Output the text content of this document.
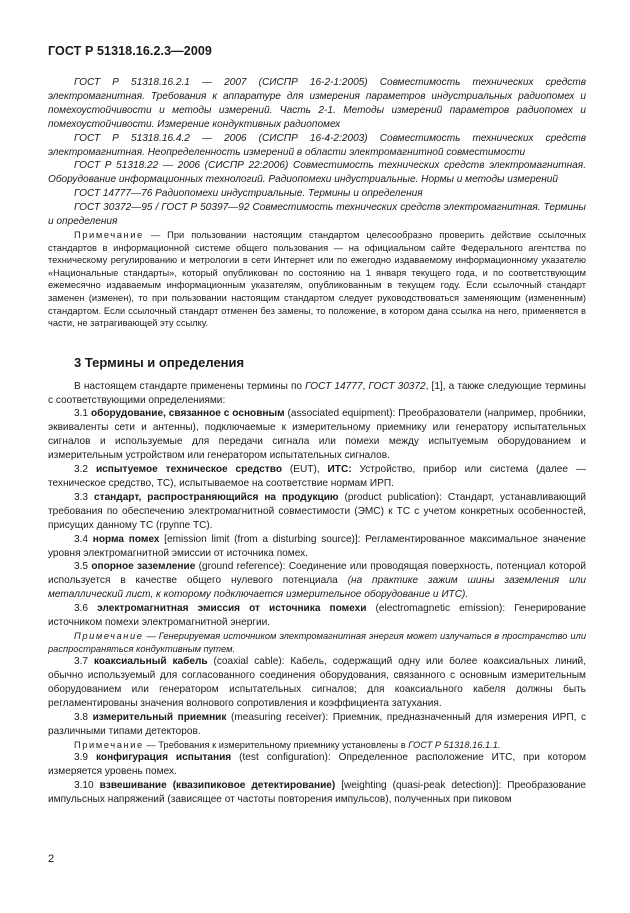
ГОСТ Р 51318.16.2.3—2009

ГОСТ Р 51318.16.2.1 — 2007 (СИСПР 16-2-1:2005) Совместимость технических средств электромагнитная. Требования к аппаратуре для измерения параметров индустриальных радиопомех и помехоустойчивости и методы измерений. Часть 2-1. Методы измерений параметров радиопомех и помехоустойчивости. Измерение кондуктивных радиопомех

ГОСТ Р 51318.16.4.2 — 2006 (СИСПР 16-4-2:2003) Совместимость технических средств электромагнитная. Неопределенность измерений в области электромагнитной совместимости

ГОСТ Р 51318.22 — 2006 (СИСПР 22:2006) Совместимость технических средств электромагнитная. Оборудование информационных технологий. Радиопомехи индустриальные. Нормы и методы измерений

ГОСТ 14777—76 Радиопомехи индустриальные. Термины и определения

ГОСТ 30372—95 / ГОСТ Р 50397—92 Совместимость технических средств электромагнитная. Термины и определения

Примечание — При пользовании настоящим стандартом целесообразно проверить действие ссылочных стандартов в информационной системе общего пользования — на официальном сайте Федерального агентства по техническому регулированию и метрологии в сети Интернет или по ежегодно издаваемому информационному указателю «Национальные стандарты», который опубликован по состоянию на 1 января текущего года, и по соответствующим ежемесячно издаваемым информационным указателям, опубликованным в текущем году. Если ссылочный стандарт заменен (изменен), то при пользовании настоящим стандартом следует руководствоваться заменяющим (измененным) стандартом. Если ссылочный стандарт отменен без замены, то положение, в котором дана ссылка на него, применяется в части, не затрагивающей эту ссылку.

3 Термины и определения

В настоящем стандарте применены термины по ГОСТ 14777, ГОСТ 30372, [1], а также следующие термины с соответствующими определениями:

3.1 оборудование, связанное с основным (associated equipment): Преобразователи (например, пробники, эквиваленты сети и антенны), подключаемые к измерительному приемнику или генератору испытательных сигналов и используемые для передачи сигнала или помехи между испытуемым оборудованием и измерительным устройством или генератором испытательных сигналов.

3.2 испытуемое техническое средство (EUT), ИТС: Устройство, прибор или система (далее — техническое средство, ТС), испытываемое на соответствие нормам ИРП.

3.3 стандарт, распространяющийся на продукцию (product publication): Стандарт, устанавливающий требования по обеспечению электромагнитной совместимости (ЭМС) к ТС с учетом конкретных особенностей, присущих данному ТС (группе ТС).

3.4 норма помех [emission limit (from a disturbing source)]: Регламентированное максимальное значение уровня электромагнитной эмиссии от источника помех.

3.5 опорное заземление (ground reference): Соединение или проводящая поверхность, потенциал которой используется в качестве общего нулевого потенциала (на практике зажим шины заземления или металлический лист, к которому подключается измерительное оборудование и ИТС).

3.6 электромагнитная эмиссия от источника помехи (electromagnetic emission): Генерирование источником помехи электромагнитной энергии.

Примечание — Генерируемая источником электромагнитная энергия может излучаться в пространство или распространяться кондуктивным путем.

3.7 коаксиальный кабель (coaxial cable): Кабель, содержащий одну или более коаксиальных линий, обычно используемый для согласованного соединения оборудования, связанного с основным измерительным оборудованием или генератором испытательных сигналов; для коаксиального кабеля должны быть регламентированы значения волнового сопротивления и коэффициента затухания.

3.8 измерительный приемник (measuring receiver): Приемник, предназначенный для измерения ИРП, с различными типами детекторов.

Примечание — Требования к измерительному приемнику установлены в ГОСТ Р 51318.16.1.1.

3.9 конфигурация испытания (test configuration): Определенное расположение ИТС, при котором измеряется уровень помех.

3.10 взвешивание (квазипиковое детектирование) [weighting (quasi-peak detection)]: Преобразование импульсных напряжений (зависящее от частоты повторения импульсов), полученных при пиковом

2
